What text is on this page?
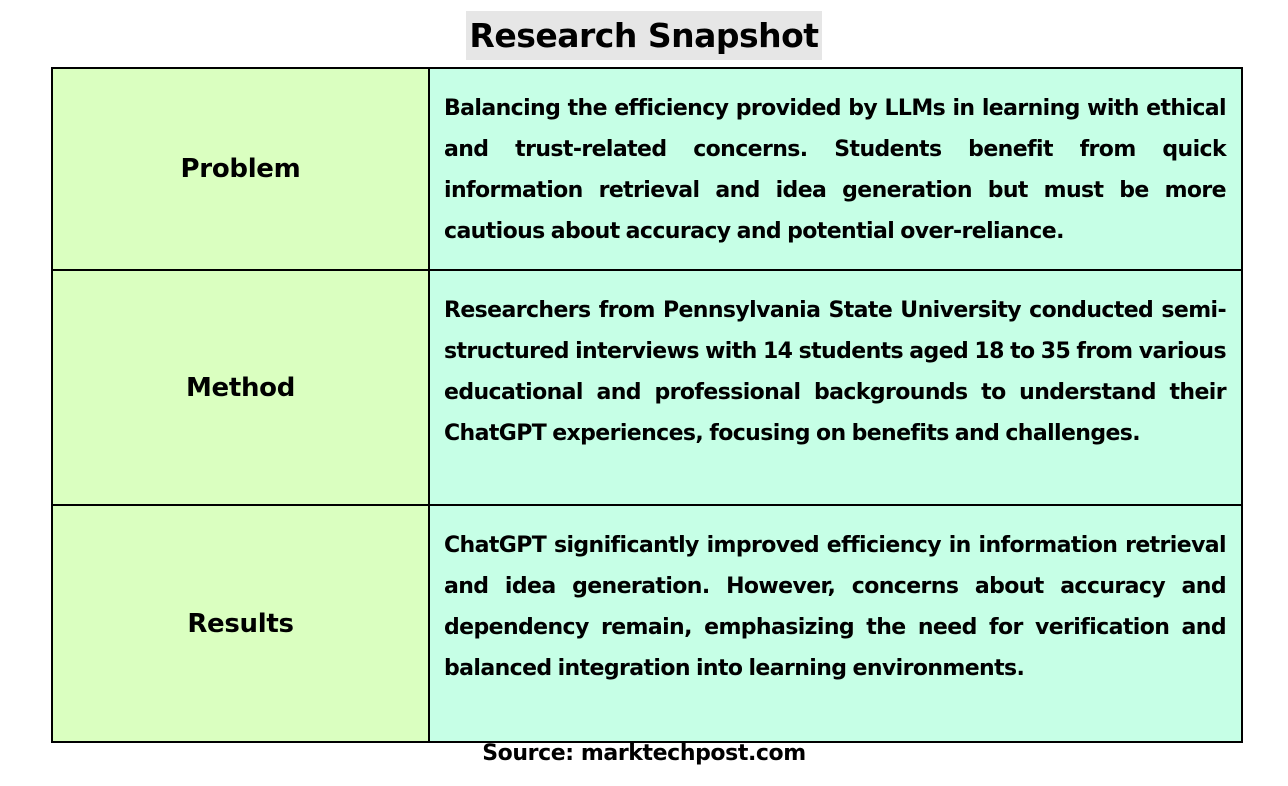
Research Snapshot
Problem	Balancing the efficiency provided by LLMs in learning with ethical and trust-related concerns. Students benefit from quick information retrieval and idea generation but must be more cautious about accuracy and potential over-reliance.
Method	Researchers from Pennsylvania State University conducted semi-structured interviews with 14 students aged 18 to 35 from various educational and professional backgrounds to understand their ChatGPT experiences, focusing on benefits and challenges.
Results	ChatGPT significantly improved efficiency in information retrieval and idea generation. However, concerns about accuracy and dependency remain, emphasizing the need for verification and balanced integration into learning environments.
Source: marktechpost.com
